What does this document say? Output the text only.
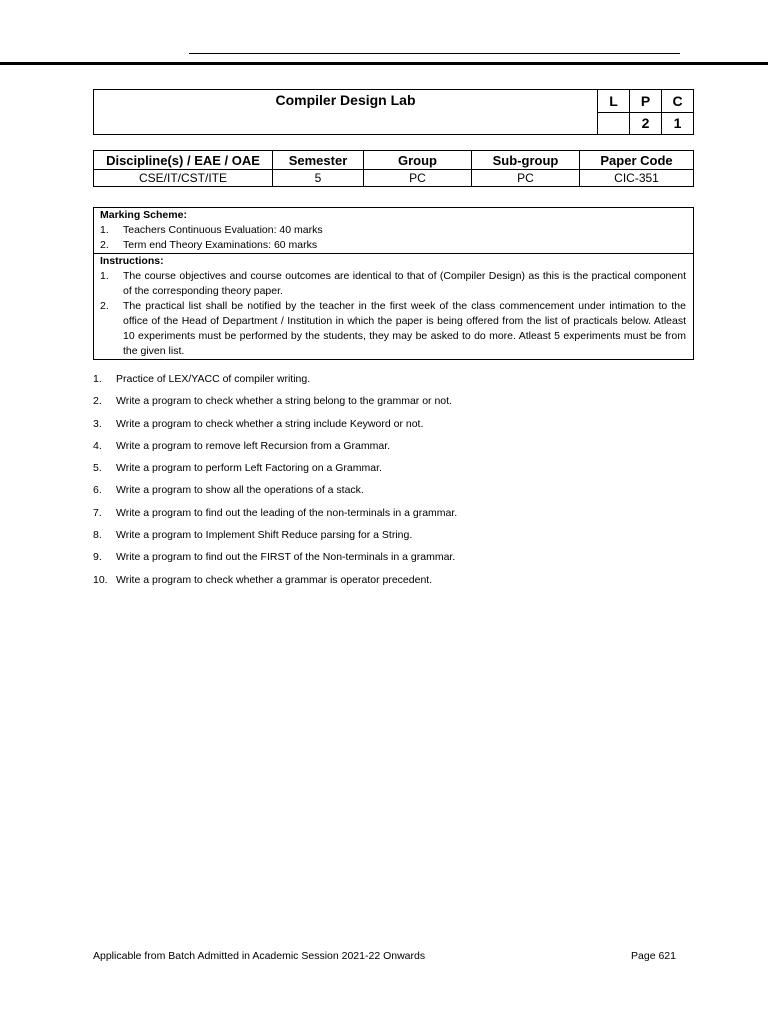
Compiler Design Lab	L	P	C
		2	1
Discipline(s) / EAE / OAE	Semester	Group	Sub-group	Paper Code
CSE/IT/CST/ITE	5	PC	PC	CIC-351
Marking Scheme:
1.	Teachers Continuous Evaluation: 40 marks
2.	Term end Theory Examinations: 60 marks
Instructions:
1.	The course objectives and course outcomes are identical to that of (Compiler Design) as this is the practical component of the corresponding theory paper.
2.	The practical list shall be notified by the teacher in the first week of the class commencement under intimation to the office of the Head of Department / Institution in which the paper is being offered from the list of practicals below. Atleast 10 experiments must be performed by the students, they may be asked to do more. Atleast 5 experiments must be from the given list.
1.	Practice of LEX/YACC of compiler writing.
2.	Write a program to check whether a string belong to the grammar or not.
3.	Write a program to check whether a string include Keyword or not.
4.	Write a program to remove left Recursion from a Grammar.
5.	Write a program to perform Left Factoring on a Grammar.
6.	Write a program to show all the operations of a stack.
7.	Write a program to find out the leading of the non-terminals in a grammar.
8.	Write a program to Implement Shift Reduce parsing for a String.
9.	Write a program to find out the FIRST of the Non-terminals in a grammar.
10. Write a program to check whether a grammar is operator precedent.
Applicable from Batch Admitted in Academic Session 2021-22 Onwards	Page 621
